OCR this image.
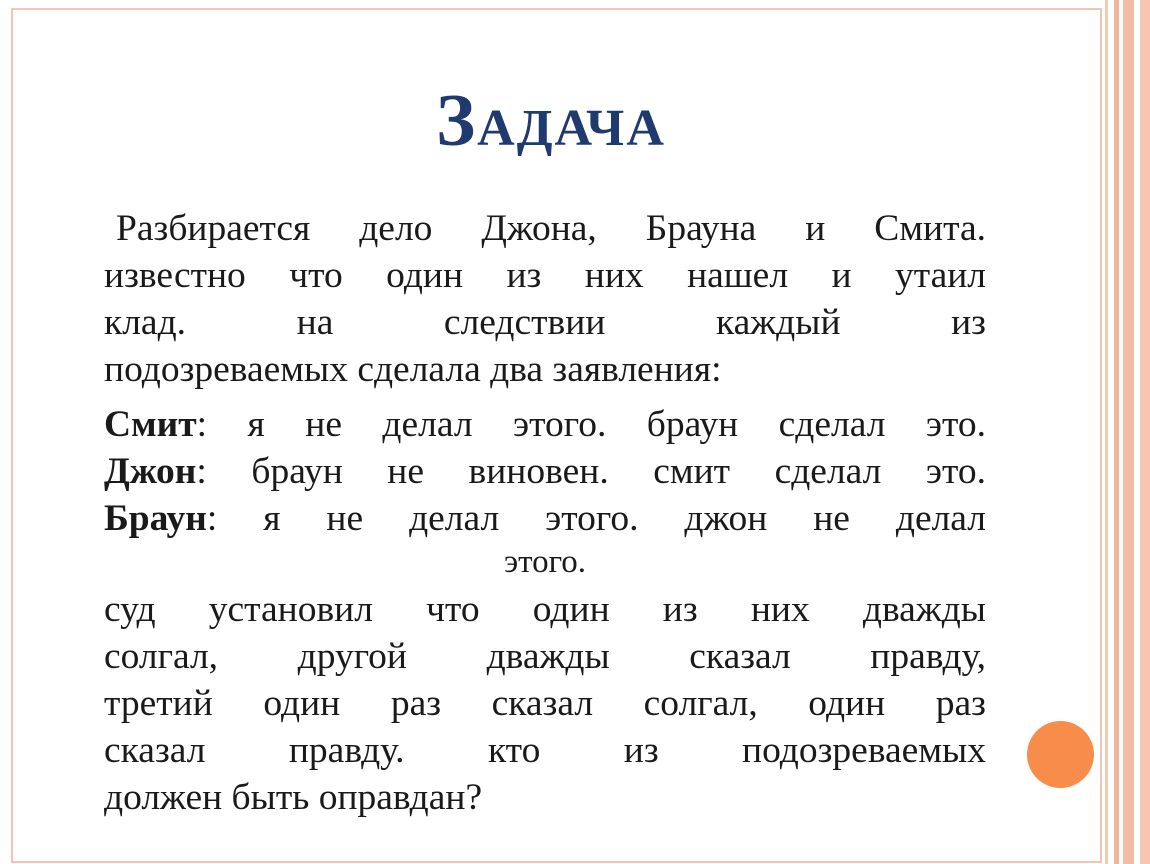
Задача
Разбирается дело Джона, Брауна и Смита.
известно что один из них нашел и утаил
клад. на следствии каждый из
подозреваемых сделала два заявления:
Смит: я не делал этого. браун сделал это.
Джон: браун не виновен. смит сделал это.
Браун: я не делал этого. джон не делал
этого.
суд установил что один из них дважды
солгал, другой дважды сказал правду,
третий один раз сказал солгал, один раз
сказал правду. кто из подозреваемых
должен быть оправдан?
